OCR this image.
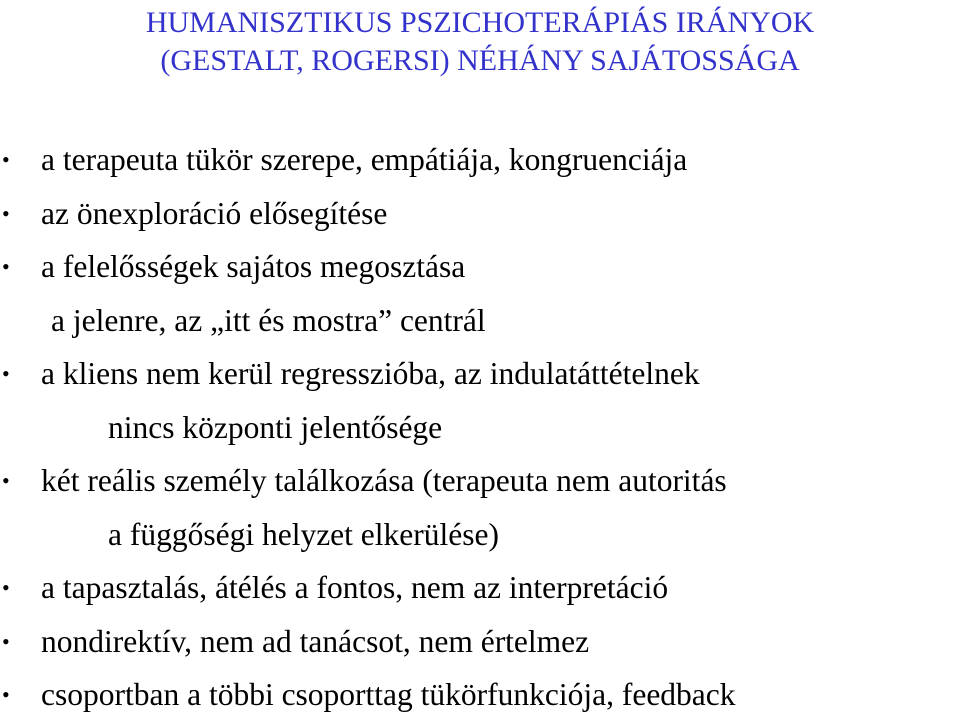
HUMANISZTIKUS PSZICHOTERÁPIÁS IRÁNYOK
(GESTALT, ROGERSI) NÉHÁNY SAJÁTOSSÁGA
• a terapeuta tükör szerepe, empátiája, kongruenciája
• az önexploráció elősegítése
• a felelősségek sajátos megosztása
a jelenre, az „itt és mostra” centrál
• a kliens nem kerül regresszióba, az indulatáttételnek
nincs központi jelentősége
• két reális személy találkozása (terapeuta nem autoritás
a függőségi helyzet elkerülése)
• a tapasztalás, átélés a fontos, nem az interpretáció
• nondirektív, nem ad tanácsot, nem értelmez
• csoportban a többi csoporttag tükörfunkciója, feedback
